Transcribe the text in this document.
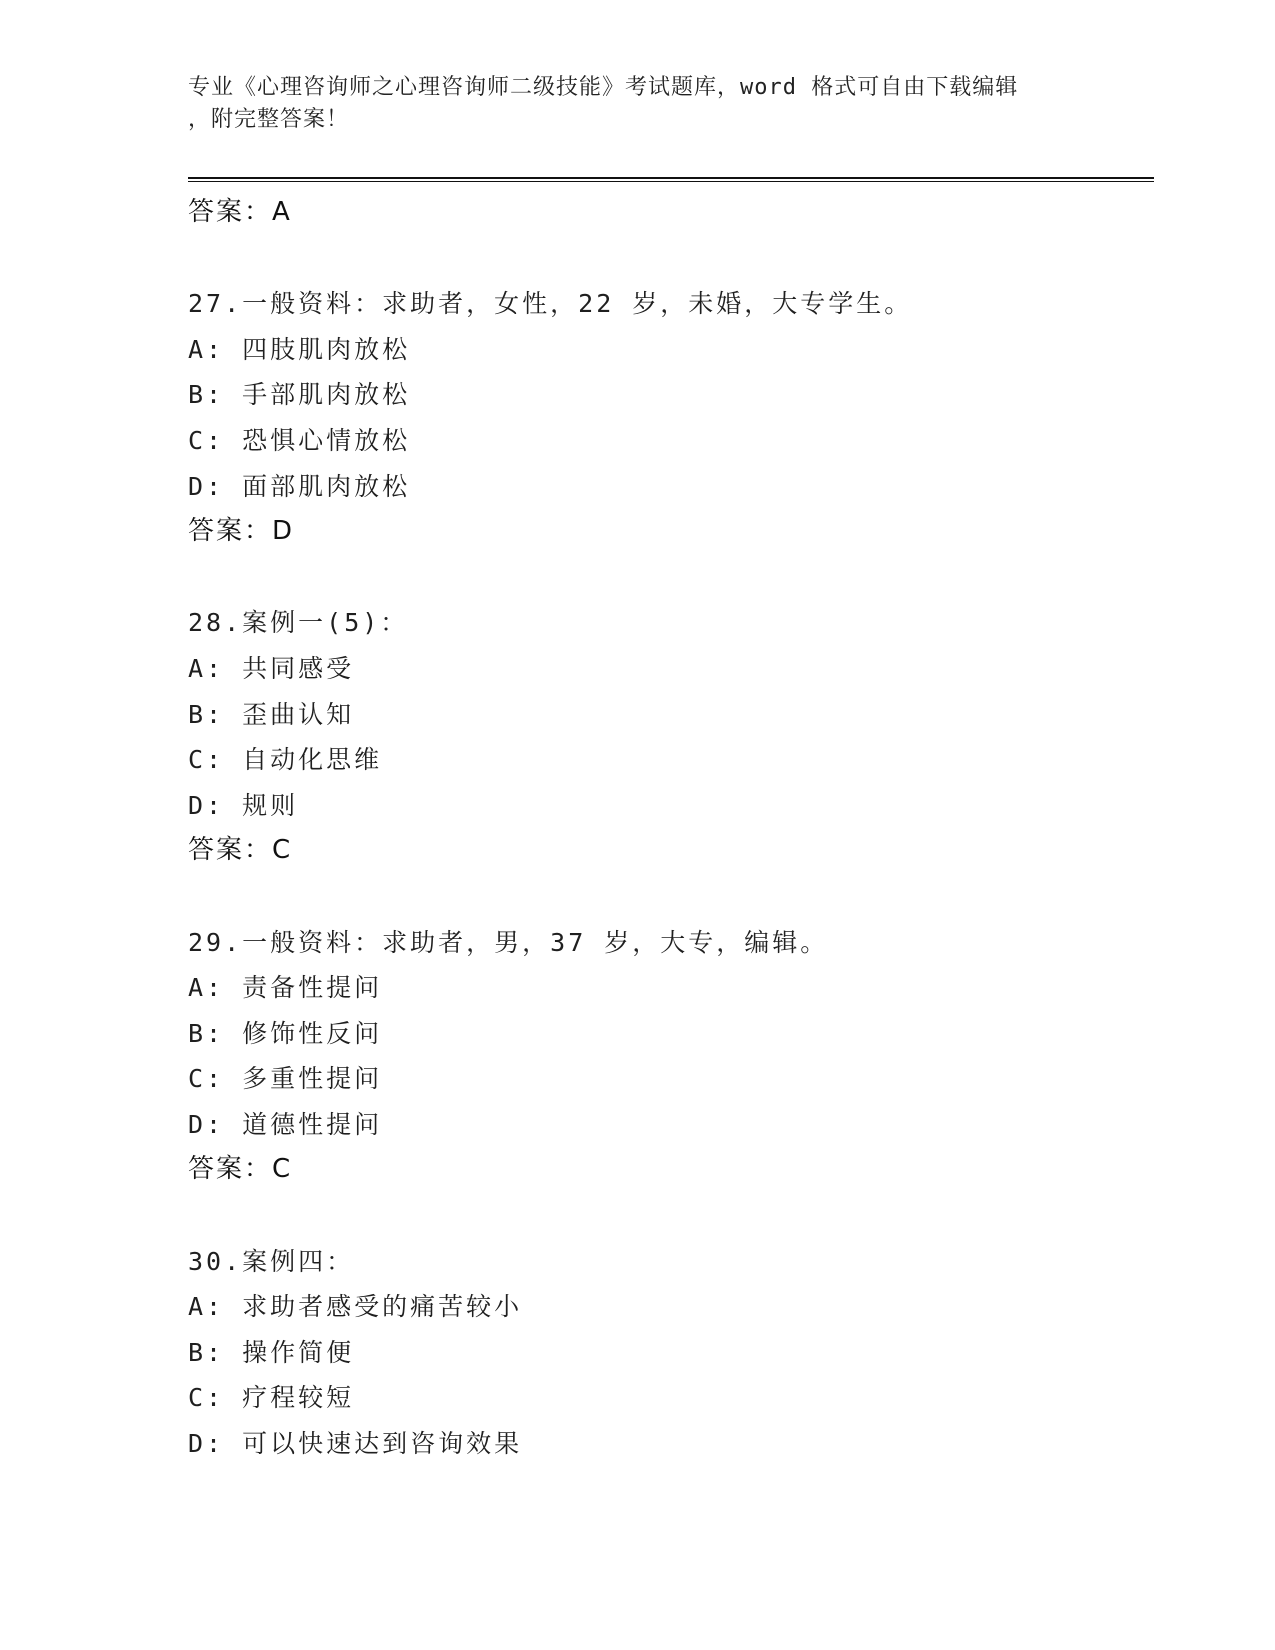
专业《心理咨询师之心理咨询师二级技能》考试题库，word 格式可自由下载编辑
，附完整答案！
答案：A
27.一般资料：求助者，女性，22 岁，未婚，大专学生。
A: 四肢肌肉放松
B: 手部肌肉放松
C: 恐惧心情放松
D: 面部肌肉放松
答案：D
28.案例一(5)：
A: 共同感受
B: 歪曲认知
C: 自动化思维
D: 规则
答案：C
29.一般资料：求助者，男，37 岁，大专，编辑。
A: 责备性提问
B: 修饰性反问
C: 多重性提问
D: 道德性提问
答案：C
30.案例四：
A: 求助者感受的痛苦较小
B: 操作简便
C: 疗程较短
D: 可以快速达到咨询效果
